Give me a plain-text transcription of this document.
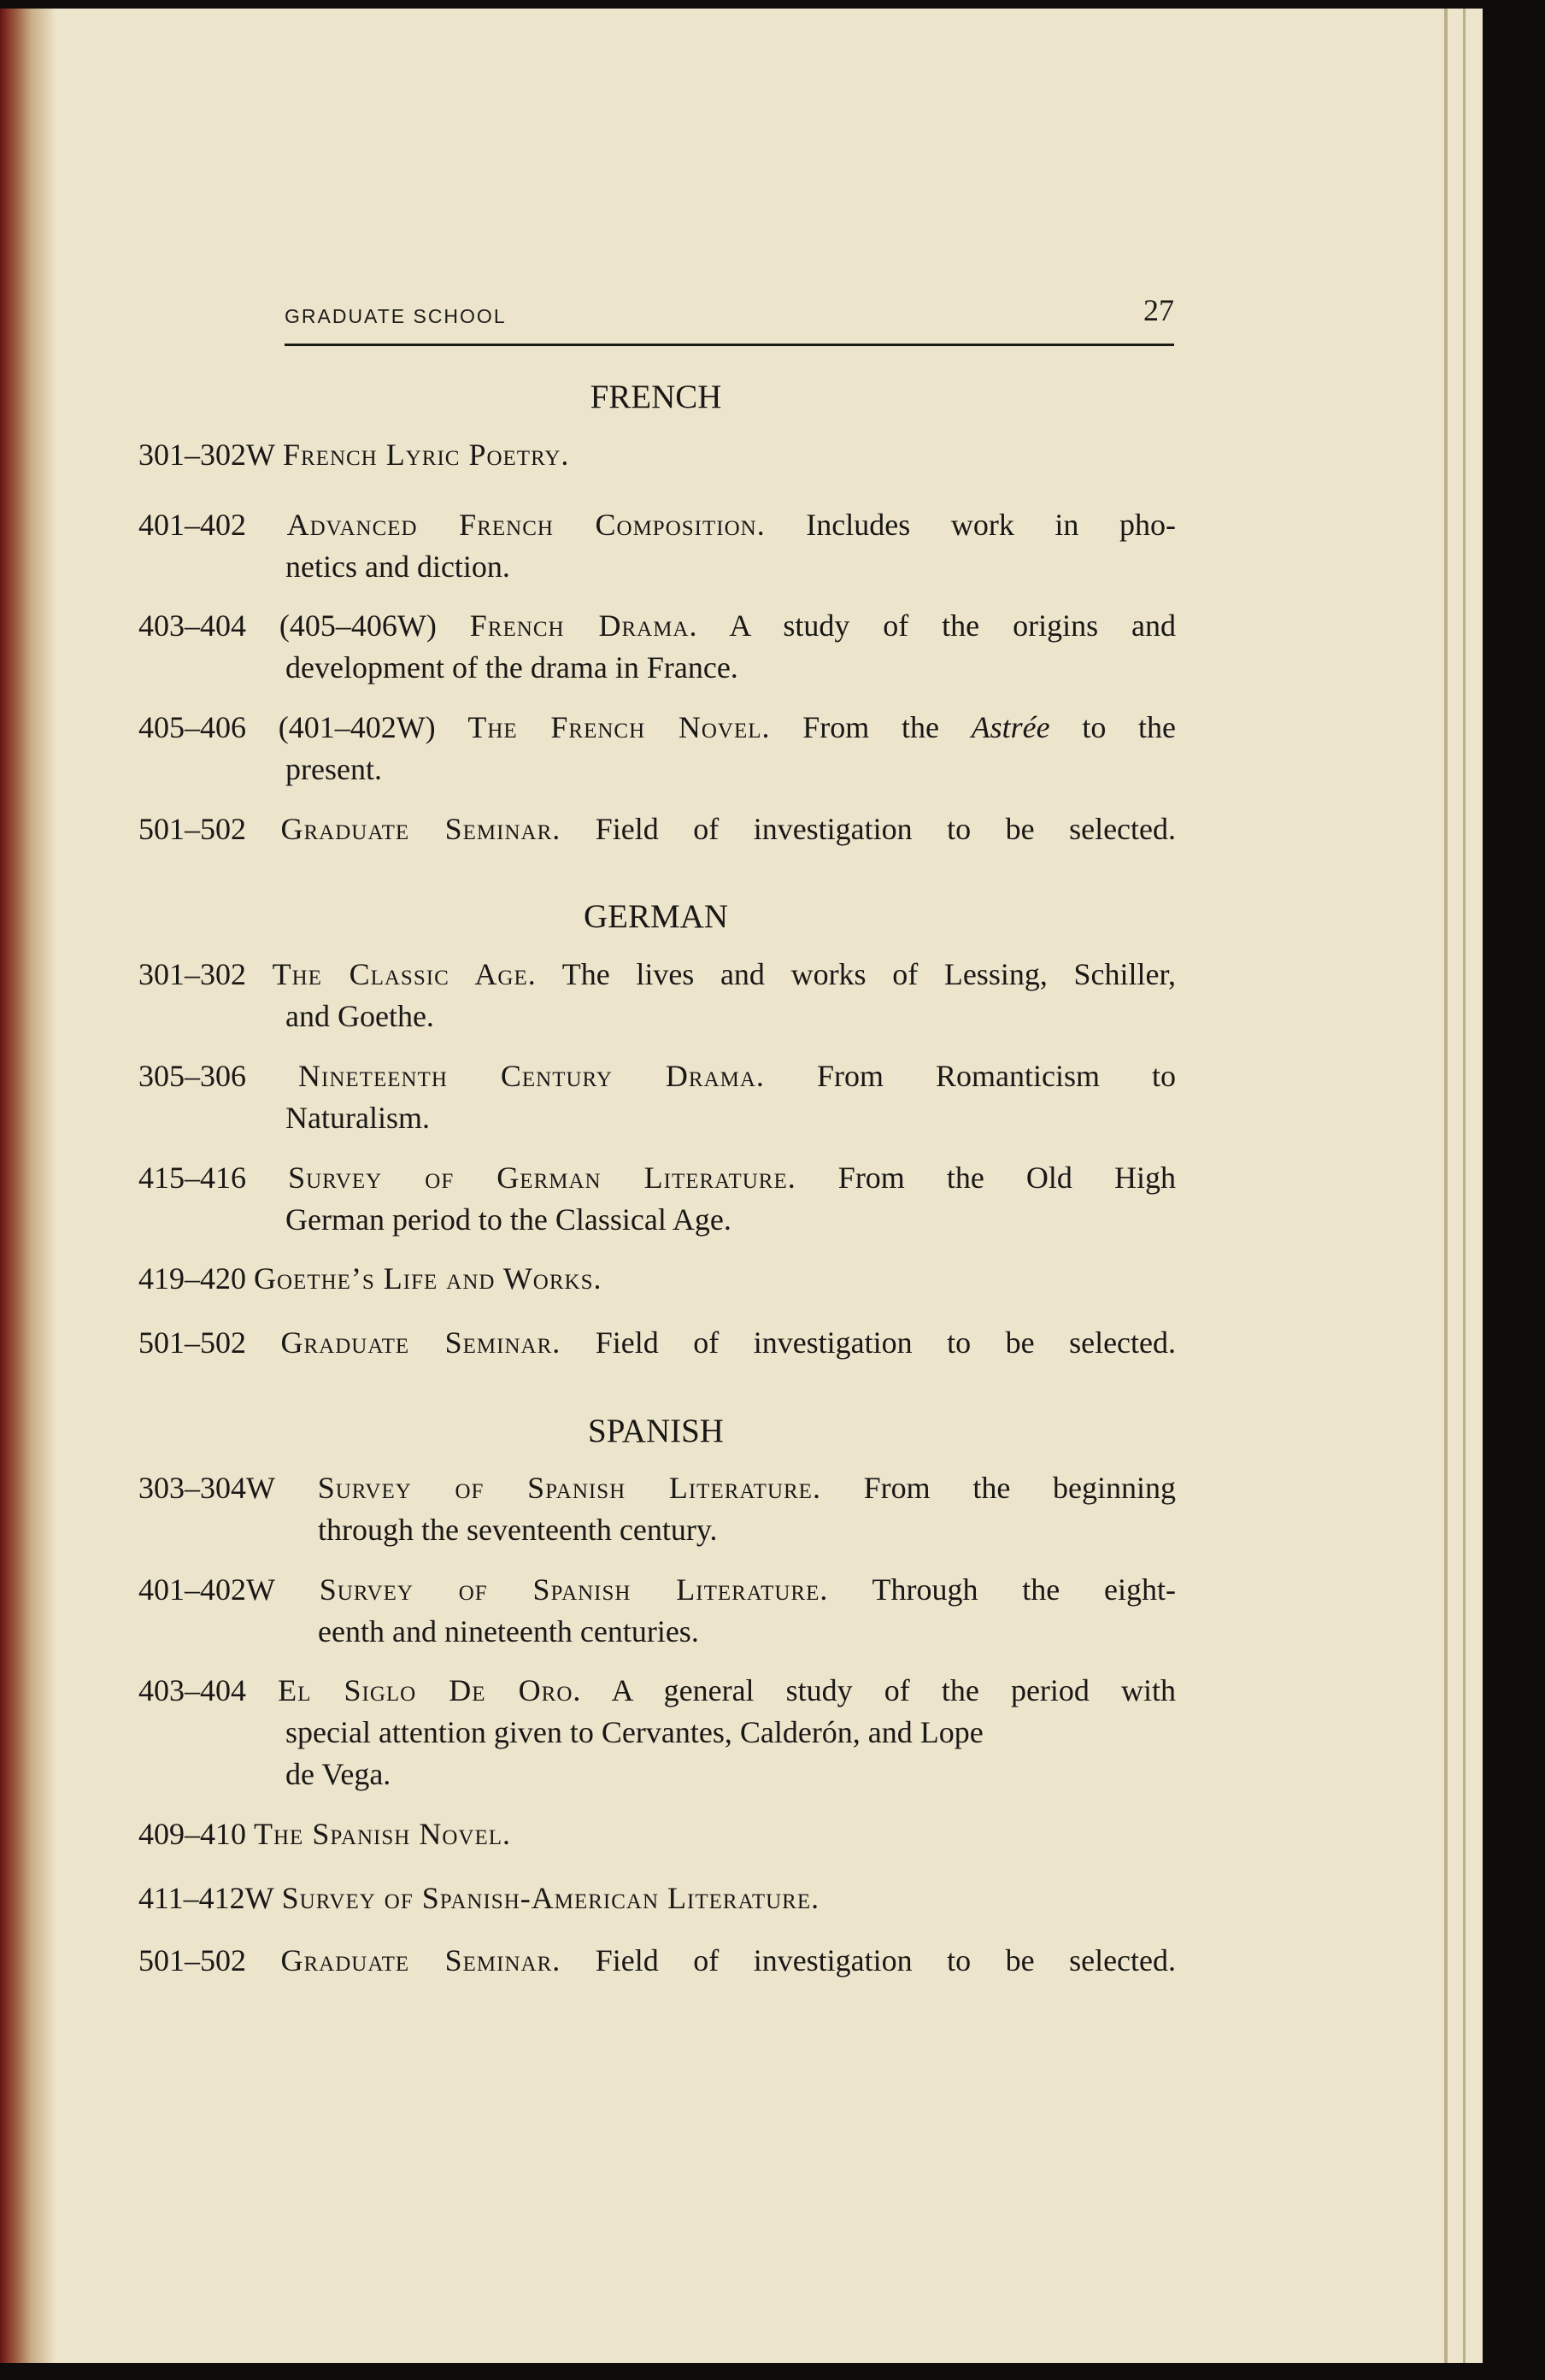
GRADUATE SCHOOL	27
FRENCH
301–302W French Lyric Poetry.
401–402 Advanced French Composition. Includes work in pho-
netics and diction.
403–404 (405–406W) French Drama. A study of the origins and
development of the drama in France.
405–406 (401–402W) The French Novel. From the Astrée to the
present.
501–502 Graduate Seminar. Field of investigation to be selected.
GERMAN
301–302 The Classic Age. The lives and works of Lessing, Schiller,
and Goethe.
305–306 Nineteenth Century Drama. From Romanticism to
Naturalism.
415–416 Survey of German Literature. From the Old High
German period to the Classical Age.
419–420 Goethe’s Life and Works.
501–502 Graduate Seminar. Field of investigation to be selected.
SPANISH
303–304W Survey of Spanish Literature. From the beginning
through the seventeenth century.
401–402W Survey of Spanish Literature. Through the eight-
eenth and nineteenth centuries.
403–404 El Siglo De Oro. A general study of the period with
special attention given to Cervantes, Calderón, and Lope
de Vega.
409–410 The Spanish Novel.
411–412W Survey of Spanish-American Literature.
501–502 Graduate Seminar. Field of investigation to be selected.
